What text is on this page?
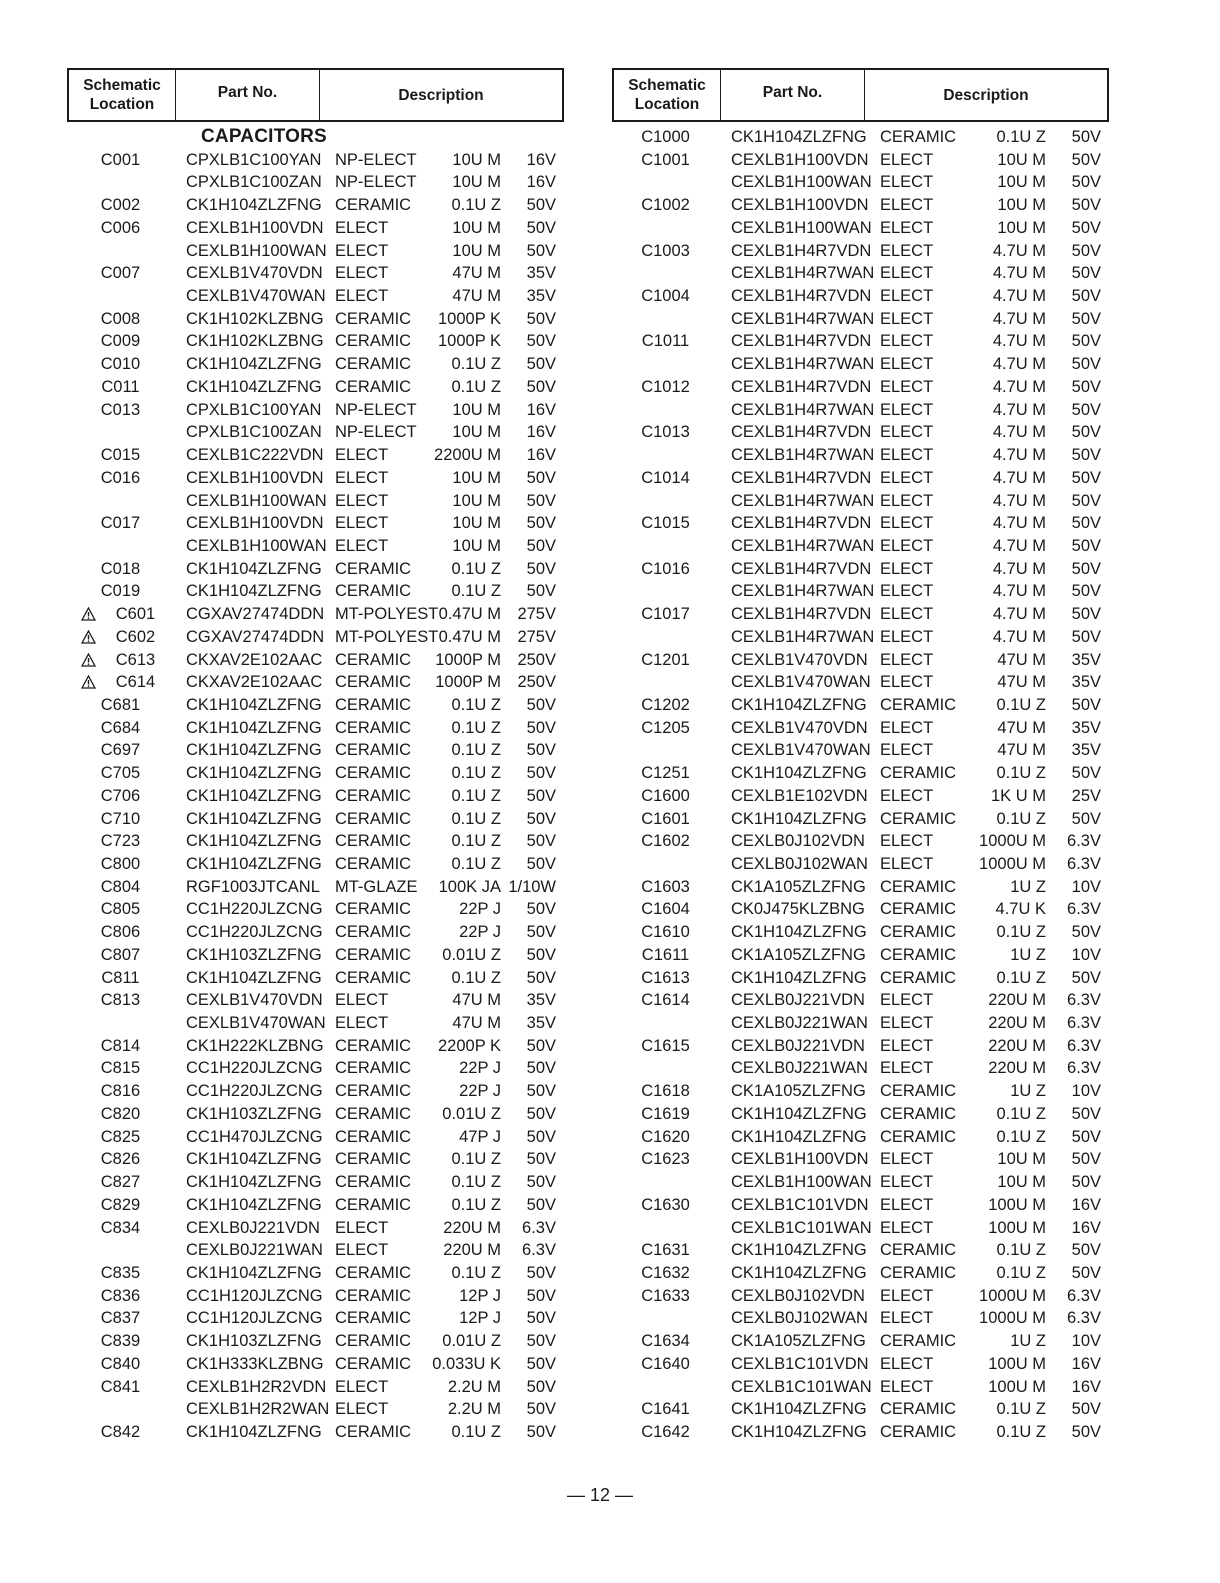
Schematic
Location
Part No.	Description
CAPACITORS
C001	CPXLB1C100YAN NP-ELECT 10U M 16V
CPXLB1C100ZAN NP-ELECT 10U M 16V
C002	CK1H104ZLZFNG CERAMIC 0.1U Z 50V
C006	CEXLB1H100VDN ELECT	10U M 50V
CEXLB1H100WAN ELECT	10U M 50V
C007	CEXLB1V470VDN ELECT	47U M 35V
CEXLB1V470WAN ELECT	47U M 35V
C008	CK1H102KLZBNG CERAMIC 1000P K 50V
C009	CK1H102KLZBNG CERAMIC 1000P K 50V
C010	CK1H104ZLZFNG CERAMIC 0.1U Z 50V
C011	CK1H104ZLZFNG CERAMIC 0.1U Z 50V
C013	CPXLB1C100YAN NP-ELECT 10U M 16V
CPXLB1C100ZAN NP-ELECT 10U M 16V
C015	CEXLB1C222VDN ELECT	2200U M 16V
C016	CEXLB1H100VDN ELECT	10U M 50V
CEXLB1H100WAN ELECT	10U M 50V
C017	CEXLB1H100VDN ELECT	10U M 50V
CEXLB1H100WAN ELECT	10U M 50V
C018	CK1H104ZLZFNG CERAMIC 0.1U Z 50V
C019	CK1H104ZLZFNG CERAMIC 0.1U Z 50V
C601	CGXAV27474DDN MT-POLYEST 0.47U M 275V
C602	CGXAV27474DDN MT-POLYEST 0.47U M 275V
C613	CKXAV2E102AAC CERAMIC 1000P M 250V
C614	CKXAV2E102AAC CERAMIC 1000P M 250V
C681	CK1H104ZLZFNG CERAMIC 0.1U Z 50V
C684	CK1H104ZLZFNG CERAMIC 0.1U Z 50V
C697	CK1H104ZLZFNG CERAMIC 0.1U Z 50V
C705	CK1H104ZLZFNG CERAMIC 0.1U Z 50V
C706	CK1H104ZLZFNG CERAMIC 0.1U Z 50V
C710	CK1H104ZLZFNG CERAMIC 0.1U Z 50V
C723	CK1H104ZLZFNG CERAMIC 0.1U Z 50V
C800	CK1H104ZLZFNG CERAMIC 0.1U Z 50V
C804	RGF1003JTCANL MT-GLAZE 100K JA 1/10W
C805	CC1H220JLZCNG CERAMIC	22P J 50V
C806	CC1H220JLZCNG CERAMIC	22P J 50V
C807	CK1H103ZLZFNG CERAMIC 0.01U Z 50V
C811	CK1H104ZLZFNG CERAMIC 0.1U Z 50V
C813	CEXLB1V470VDN ELECT	47U M 35V
CEXLB1V470WAN ELECT	47U M 35V
C814	CK1H222KLZBNG CERAMIC 2200P K 50V
C815	CC1H220JLZCNG CERAMIC	22P J 50V
C816	CC1H220JLZCNG CERAMIC	22P J 50V
C820	CK1H103ZLZFNG CERAMIC 0.01U Z 50V
C825	CC1H470JLZCNG CERAMIC	47P J 50V
C826	CK1H104ZLZFNG CERAMIC 0.1U Z 50V
C827	CK1H104ZLZFNG CERAMIC 0.1U Z 50V
C829	CK1H104ZLZFNG CERAMIC 0.1U Z 50V
C834	CEXLB0J221VDN ELECT	220U M 6.3V
CEXLB0J221WAN ELECT	220U M 6.3V
C835	CK1H104ZLZFNG CERAMIC 0.1U Z 50V
C836	CC1H120JLZCNG CERAMIC	12P J 50V
C837	CC1H120JLZCNG CERAMIC	12P J 50V
C839	CK1H103ZLZFNG CERAMIC 0.01U Z 50V
C840	CK1H333KLZBNG CERAMIC 0.033U K 50V
C841	CEXLB1H2R2VDN ELECT	2.2U M 50V
CEXLB1H2R2WAN ELECT	2.2U M 50V
C842	CK1H104ZLZFNG CERAMIC 0.1U Z 50V
Schematic
Location
Part No.	Description
C1000	CK1H104ZLZFNG CERAMIC 0.1U Z 50V
C1001	CEXLB1H100VDN ELECT	10U M 50V
CEXLB1H100WAN ELECT	10U M 50V
C1002	CEXLB1H100VDN ELECT	10U M 50V
CEXLB1H100WAN ELECT	10U M 50V
C1003	CEXLB1H4R7VDN ELECT	4.7U M 50V
CEXLB1H4R7WAN ELECT	4.7U M 50V
C1004	CEXLB1H4R7VDN ELECT	4.7U M 50V
CEXLB1H4R7WAN ELECT	4.7U M 50V
C1011	CEXLB1H4R7VDN ELECT	4.7U M 50V
CEXLB1H4R7WAN ELECT	4.7U M 50V
C1012	CEXLB1H4R7VDN ELECT	4.7U M 50V
CEXLB1H4R7WAN ELECT	4.7U M 50V
C1013	CEXLB1H4R7VDN ELECT	4.7U M 50V
CEXLB1H4R7WAN ELECT	4.7U M 50V
C1014	CEXLB1H4R7VDN ELECT	4.7U M 50V
CEXLB1H4R7WAN ELECT	4.7U M 50V
C1015	CEXLB1H4R7VDN ELECT	4.7U M 50V
CEXLB1H4R7WAN ELECT	4.7U M 50V
C1016	CEXLB1H4R7VDN ELECT	4.7U M 50V
CEXLB1H4R7WAN ELECT	4.7U M 50V
C1017	CEXLB1H4R7VDN ELECT	4.7U M 50V
CEXLB1H4R7WAN ELECT	4.7U M 50V
C1201	CEXLB1V470VDN ELECT	47U M 35V
CEXLB1V470WAN ELECT	47U M 35V
C1202	CK1H104ZLZFNG CERAMIC 0.1U Z 50V
C1205	CEXLB1V470VDN ELECT	47U M 35V
CEXLB1V470WAN ELECT	47U M 35V
C1251	CK1H104ZLZFNG CERAMIC 0.1U Z 50V
C1600	CEXLB1E102VDN ELECT	1K U M 25V
C1601	CK1H104ZLZFNG CERAMIC 0.1U Z 50V
C1602	CEXLB0J102VDN ELECT	1000U M 6.3V
CEXLB0J102WAN ELECT	1000U M 6.3V
C1603	CK1A105ZLZFNG CERAMIC	1U Z 10V
C1604	CK0J475KLZBNG CERAMIC 4.7U K 6.3V
C1610	CK1H104ZLZFNG CERAMIC 0.1U Z 50V
C1611	CK1A105ZLZFNG CERAMIC	1U Z 10V
C1613	CK1H104ZLZFNG CERAMIC 0.1U Z 50V
C1614	CEXLB0J221VDN ELECT	220U M 6.3V
CEXLB0J221WAN ELECT	220U M 6.3V
C1615	CEXLB0J221VDN ELECT	220U M 6.3V
CEXLB0J221WAN ELECT	220U M 6.3V
C1618	CK1A105ZLZFNG CERAMIC	1U Z 10V
C1619	CK1H104ZLZFNG CERAMIC 0.1U Z 50V
C1620	CK1H104ZLZFNG CERAMIC 0.1U Z 50V
C1623	CEXLB1H100VDN ELECT	10U M 50V
CEXLB1H100WAN ELECT	10U M 50V
C1630	CEXLB1C101VDN ELECT	100U M 16V
CEXLB1C101WAN ELECT	100U M 16V
C1631	CK1H104ZLZFNG CERAMIC 0.1U Z 50V
C1632	CK1H104ZLZFNG CERAMIC 0.1U Z 50V
C1633	CEXLB0J102VDN ELECT	1000U M 6.3V
CEXLB0J102WAN ELECT	1000U M 6.3V
C1634	CK1A105ZLZFNG CERAMIC	1U Z 10V
C1640	CEXLB1C101VDN ELECT	100U M 16V
CEXLB1C101WAN ELECT	100U M 16V
C1641	CK1H104ZLZFNG CERAMIC 0.1U Z 50V
C1642	CK1H104ZLZFNG CERAMIC 0.1U Z 50V
— 12 —
